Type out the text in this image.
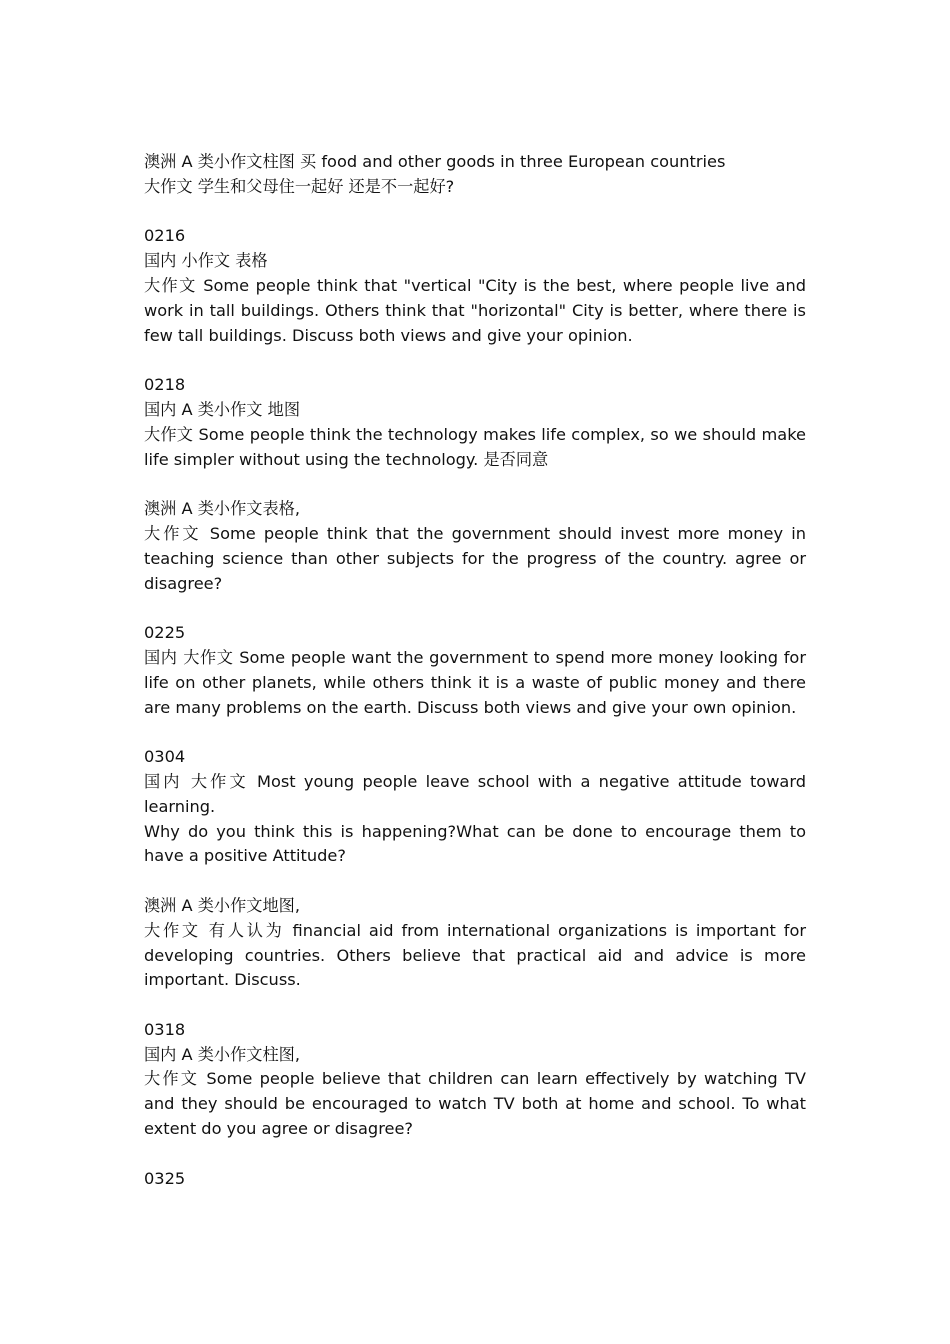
澳洲 A 类小作文柱图 买 food and other goods in three European countries

大作文 学生和父母住一起好 还是不一起好?

0216

国内 小作文 表格

大作文 Some people think that "vertical "City is the best, where people live and work in tall buildings. Others think that "horizontal" City is better, where there is few tall buildings. Discuss both views and give your opinion.

0218

国内 A 类小作文 地图

大作文 Some people think the technology makes life complex, so we should make life simpler without using the technology. 是否同意

澳洲 A 类小作文表格,

大作文 Some people think that the government should invest more money in teaching science than other subjects for the progress of the country. agree or disagree?

0225

国内 大作文 Some people want the government to spend more money looking for life on other planets, while others think it is a waste of public money and there are many problems on the earth. Discuss both views and give your own opinion.

0304

国内 大作文 Most young people leave school with a negative attitude toward learning.

Why do you think this is happening?What can be done to encourage them to have a positive Attitude?

澳洲 A 类小作文地图,

大作文 有人认为 financial aid from international organizations is important for developing countries. Others believe that practical aid and advice is more important. Discuss.

0318

国内 A 类小作文柱图,

大作文 Some people believe that children can learn effectively by watching TV and they should be encouraged to watch TV both at home and school. To what extent do you agree or disagree?

0325
